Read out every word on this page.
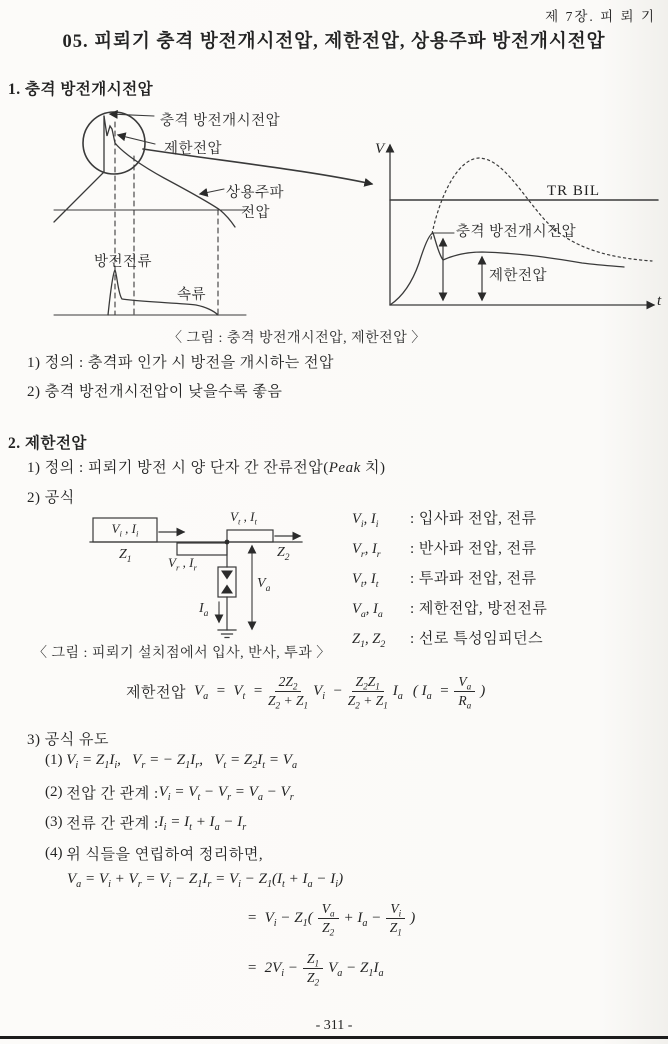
제 7장. 피 뢰 기
05. 피뢰기 충격 방전개시전압, 제한전압, 상용주파 방전개시전압
1. 충격 방전개시전압
충격 방전개시전압
제한전압
상용주파
전압
방전전류
속류
V
t
TR BIL
충격 방전개시전압
제한전압
〈 그림 : 충격 방전개시전압, 제한전압 〉
1) 정의 : 충격파 인가 시 방전을 개시하는 전압
2) 충격 방전개시전압이 낮을수록 좋음
2. 제한전압
1) 정의 : 피뢰기 방전 시 양 단자 간 잔류전압(Peak 치)
2) 공식
$V_i$ , $I_i$
$Z_1$	$V_r$ , $I_r$
$V_t$ , $I_t$
$Z_2$
$V_a$
$I_a$
$V_i$, $I_i$	: 입사파 전압, 전류
$V_r$, $I_r$	: 반사파 전압, 전류
$V_t$, $I_t$	: 투과파 전압, 전류
$V_a$, $I_a$	: 제한전압, 방전전류
$Z_1$, $Z_2$	: 선로 특성임피던스
〈 그림 : 피뢰기 설치점에서 입사, 반사, 투과 〉
제한전압 $V_a = V_t = \frac{2Z_2}{Z_2 + Z_1} V_i - \frac{Z_2Z_1}{Z_2 + Z_1} I_a$ ( $I_a = \frac{V_a}{R_a}$ )
3) 공식 유도
(1)
$V_i = Z_1I_i$,   $V_r$ = − $Z_1I_r$,   $V_t = Z_2I_t = V_a$
(2)
전압 간 관계 : $V_i = V_t - V_r = V_a - V_r$
(3)
전류 간 관계 : $I_i = I_t + I_a - I_r$
(4)
위 식들을 연립하여 정리하면,
$V_a = V_i + V_r = V_i - Z_1I_r = V_i - Z_1(I_t + I_a - I_i)$
=  $V_i - Z_1( \frac{V_a}{Z_2} + I_a - \frac{V_i}{Z_1}$ )
=  $2V_i - \frac{Z_1}{Z_2} V_a - Z_1I_a$
- 311 -
